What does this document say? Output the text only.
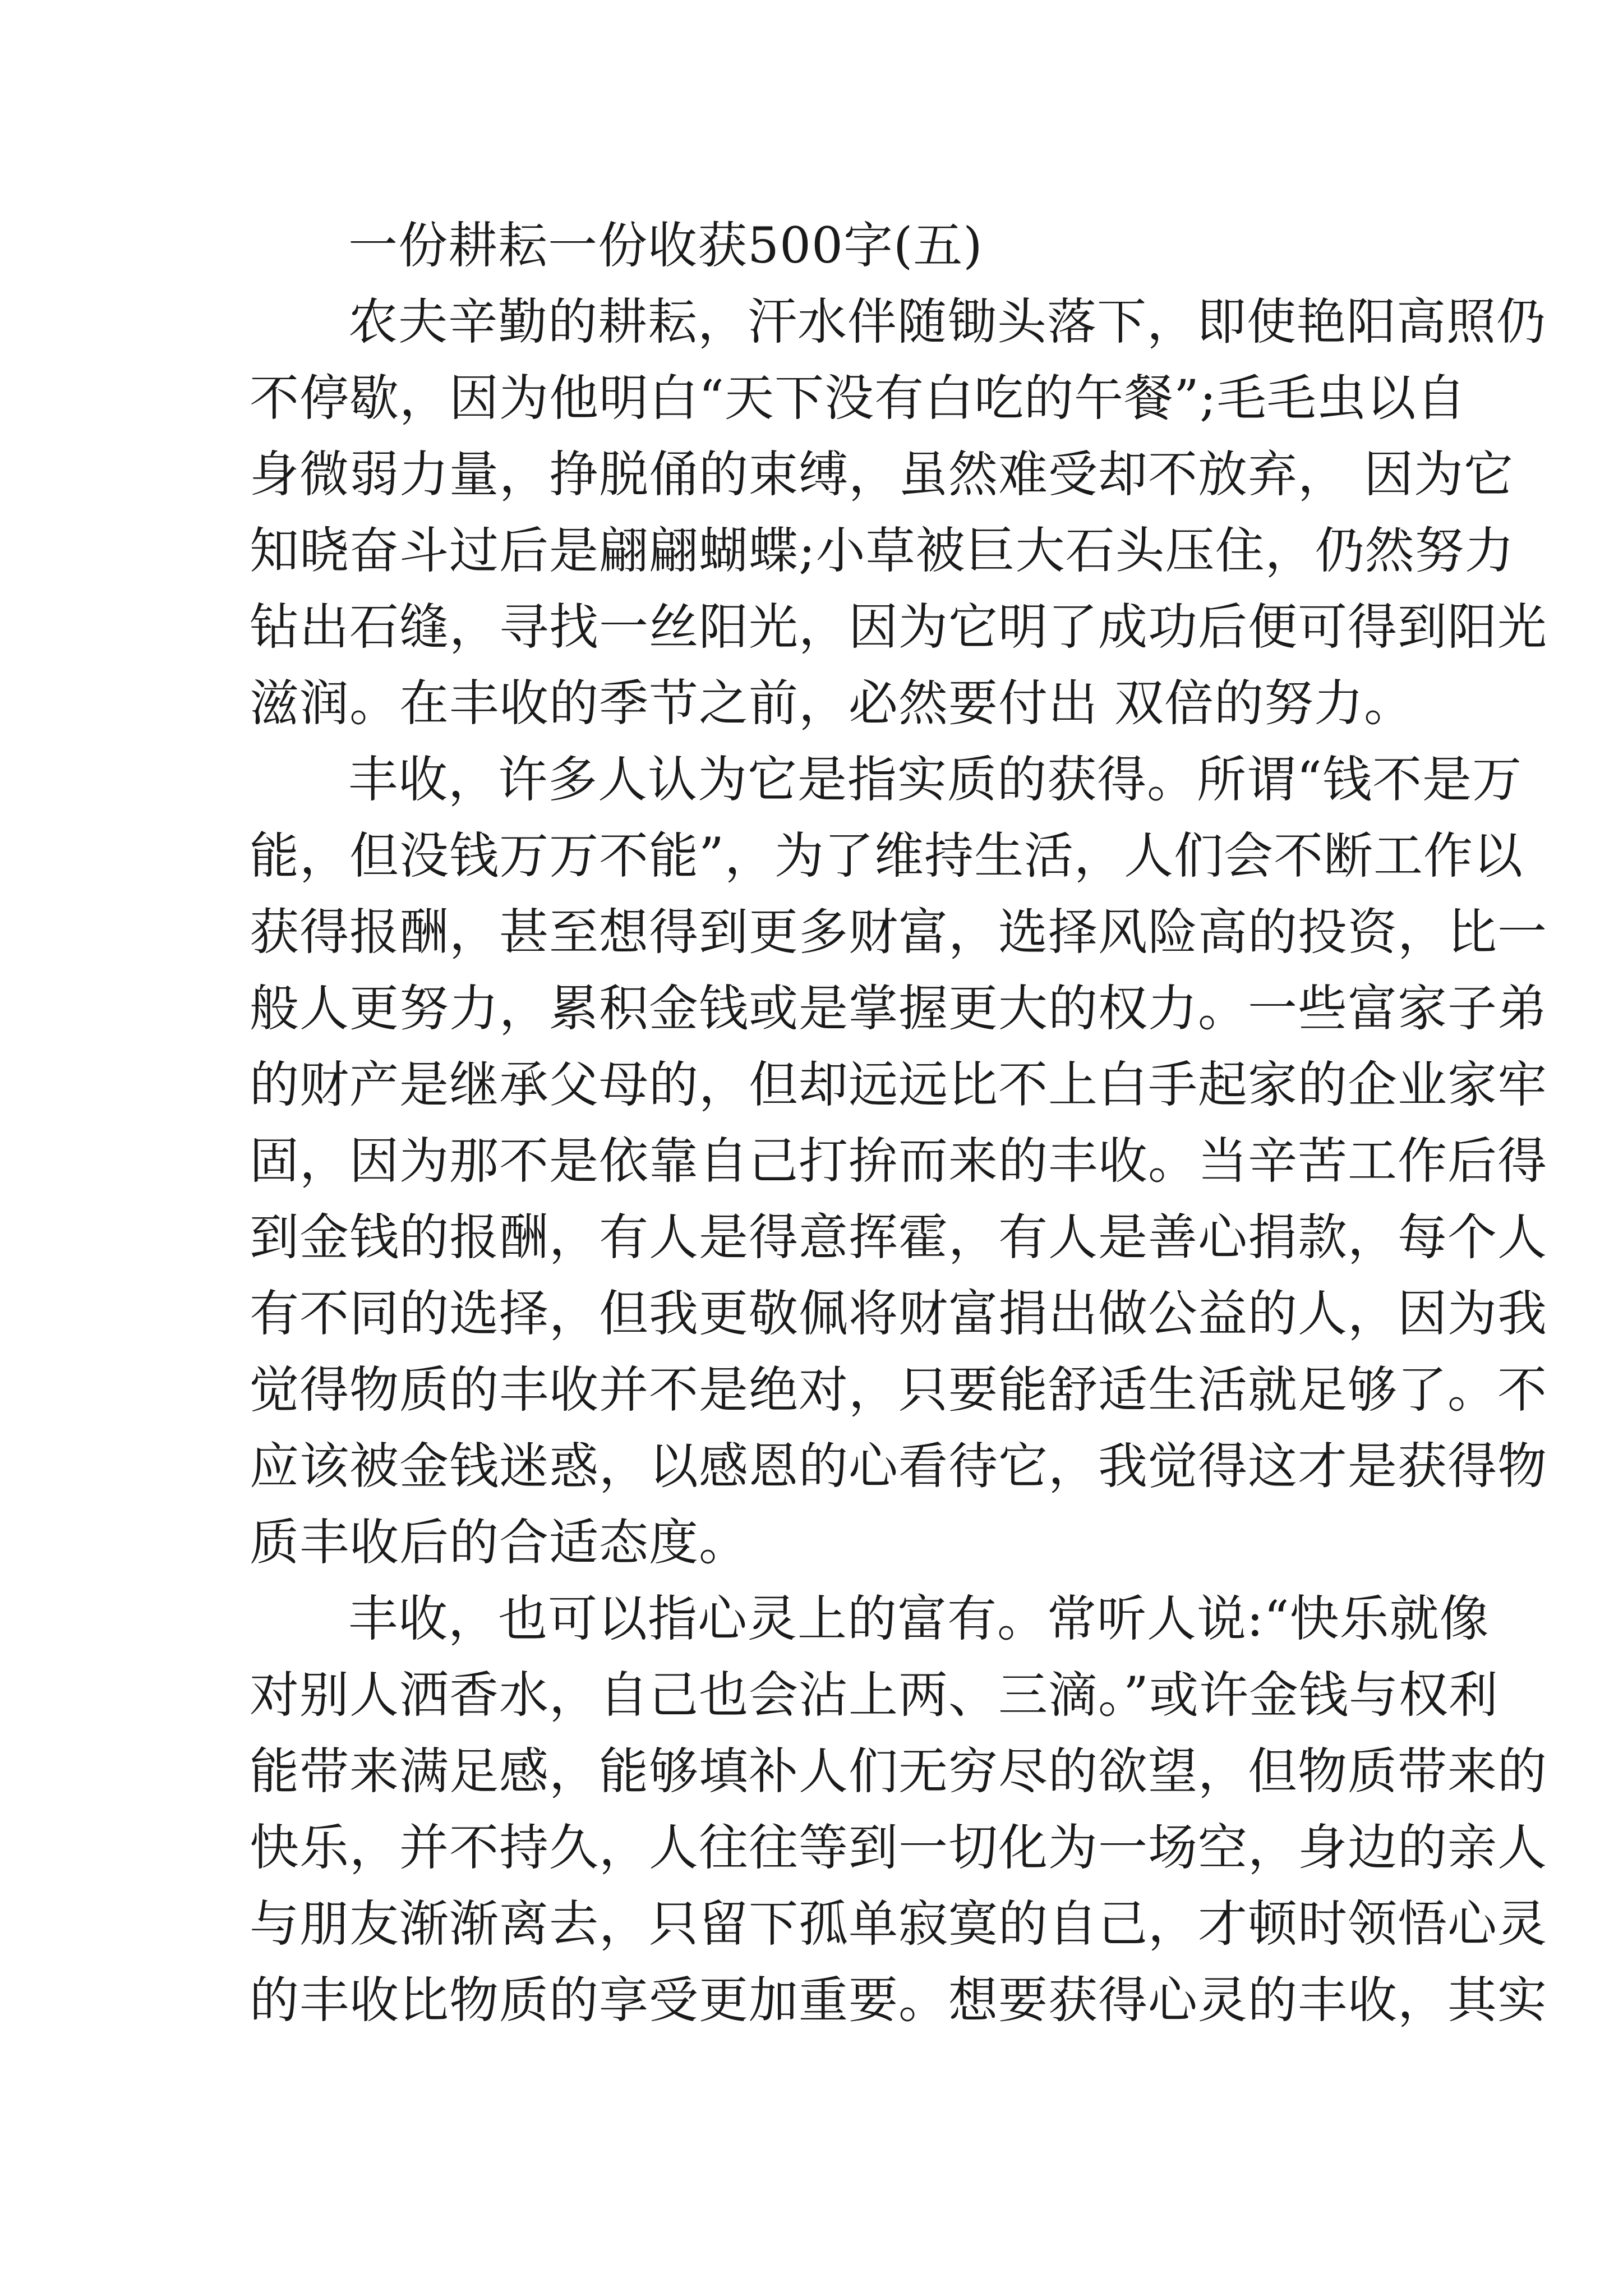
一份耕耘一份收获500字(五)
农夫辛勤的耕耘，汗水伴随锄头落下，即使艳阳高照仍
不停歇，因为他明白“天下没有白吃的午餐”;毛毛虫以自
身微弱力量，挣脱俑的束缚，虽然难受却不放弃， 因为它
知晓奋斗过后是翩翩蝴蝶;小草被巨大石头压住，仍然努力
钻出石缝，寻找一丝阳光，因为它明了成功后便可得到阳光
滋润。在丰收的季节之前，必然要付出 双倍的努力。
丰收，许多人认为它是指实质的获得。所谓“钱不是万
能，但没钱万万不能”，为了维持生活，人们会不断工作以
获得报酬，甚至想得到更多财富，选择风险高的投资，比一
般人更努力，累积金钱或是掌握更大的权力。一些富家子弟
的财产是继承父母的，但却远远比不上白手起家的企业家牢
固，因为那不是依靠自己打拚而来的丰收。当辛苦工作后得
到金钱的报酬，有人是得意挥霍，有人是善心捐款，每个人
有不同的选择，但我更敬佩将财富捐出做公益的人，因为我
觉得物质的丰收并不是绝对，只要能舒适生活就足够了。不
应该被金钱迷惑，以感恩的心看待它，我觉得这才是获得物
质丰收后的合适态度。
丰收，也可以指心灵上的富有。常听人说:“快乐就像
对别人洒香水，自己也会沾上两、三滴。”或许金钱与权利
能带来满足感，能够填补人们无穷尽的欲望，但物质带来的
快乐，并不持久，人往往等到一切化为一场空，身边的亲人
与朋友渐渐离去，只留下孤单寂寞的自己，才顿时领悟心灵
的丰收比物质的享受更加重要。想要获得心灵的丰收，其实
